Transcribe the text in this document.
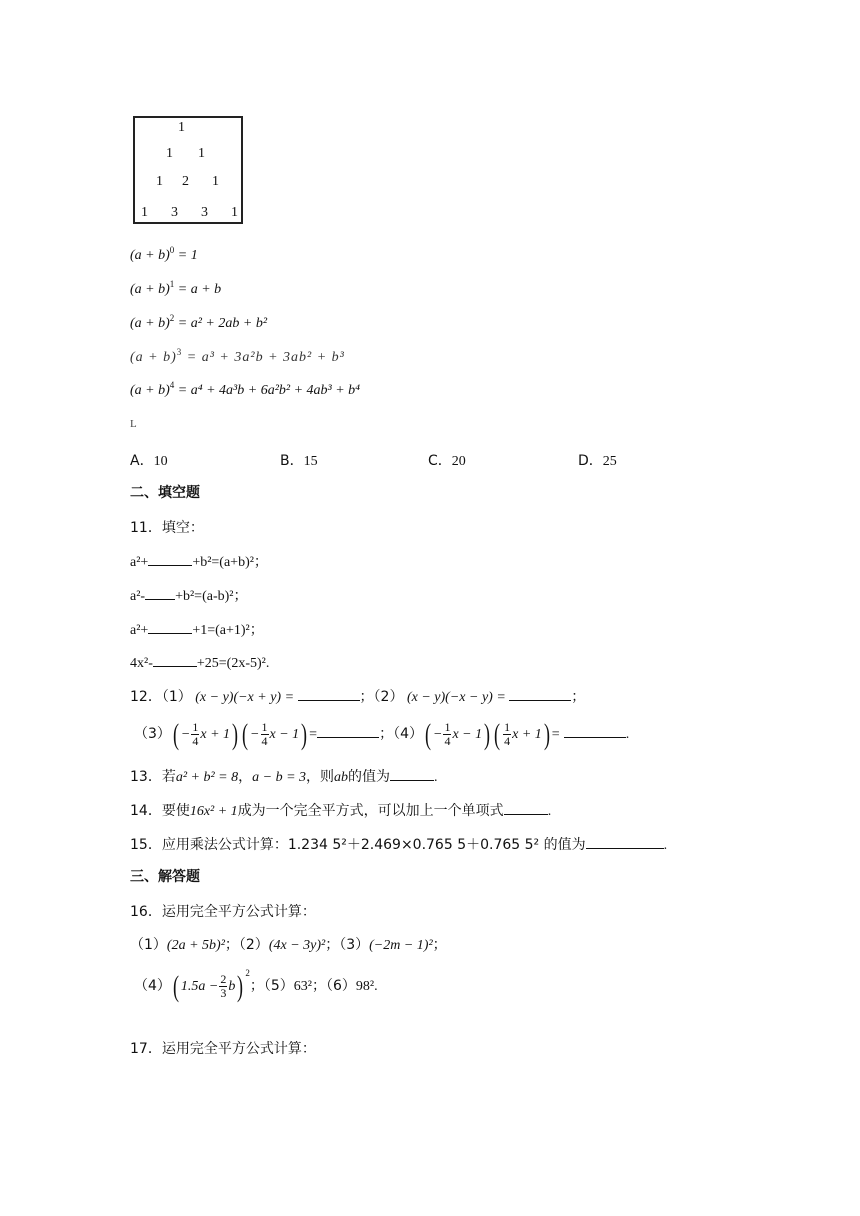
1
1 1
1 2 1
1 3 3 1
$(a + b)^0 = 1$
$(a + b)^1 = a + b$
$(a + b)^2 = a^2 + 2ab + b^2$
$(a + b)^3 = a^3 + 3a^2b + 3ab^2 + b^3$
$(a + b)^4 = a^4 + 4a^3b + 6a^2b^2 + 4ab^3 + b^4$
L
A．10	B．15	C．20	D．25
二、填空题
11．填空：
a²+	+b²=(a+b)²；
a²- +b²=(a-b)²；
a²+	+1=(a+1)²；
4x²-	+25=(2x-5)².
12．（1） (x − y)(−x + y) =	；（2） (x − y)(−x − y) =	；
$(3)( - \frac{1}{4}$ x + 1) ( − $\frac{1}{4}$ x − 1) =	；$(4)( - \frac{1}{4}$ x − 1) ( $\frac{1}{4}$ x + 1) =	.
13．若a² + b² = 8，a − b = 3，则ab的值为	.
14．要使16x² + 1成为一个完全平方式，可以加上一个单项式	.
15．应用乘法公式计算：1.234 5²＋2.469×0.765 5＋0.765 5² 的值为	.
三、解答题
16．运用完全平方公式计算：
（1）(2a + 5b)²；（2）(4x − 3y)²；（3）(−2m − 1)²；
（4）( $1.5a - \frac{2}{3} b$) $^2$；（5）63²；（6）98².
17．运用完全平方公式计算：
